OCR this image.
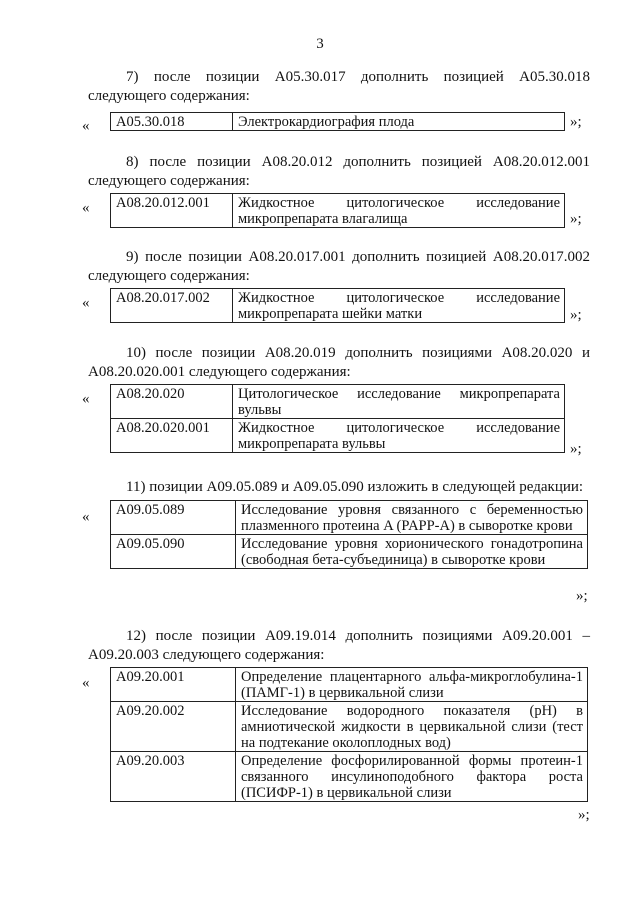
3

7) после позиции A05.30.017 дополнить позицией A05.30.018 следующего содержания:

« A05.30.018	Электрокардиография плода	»;

8) после позиции A08.20.012 дополнить позицией A08.20.012.001 следующего содержания:

« A08.20.012.001	Жидкостное цитологическое исследование микропрепарата влагалища	»;

9) после позиции A08.20.017.001 дополнить позицией A08.20.017.002 следующего содержания:

« A08.20.017.002	Жидкостное цитологическое исследование микропрепарата шейки матки	»;

10) после позиции A08.20.019 дополнить позициями A08.20.020 и A08.20.020.001 следующего содержания:

« A08.20.020	Цитологическое исследование микропрепарата вульвы
A08.20.020.001	Жидкостное цитологическое исследование микропрепарата вульвы	»;

11) позиции A09.05.089 и A09.05.090 изложить в следующей редакции:

« A09.05.089	Исследование уровня связанного с беременностью плазменного протеина A (PAPP-A) в сыворотке крови
A09.05.090	Исследование уровня хорионического гонадотропина (свободная бета-субъединица) в сыворотке крови
»;

12) после позиции A09.19.014 дополнить позициями A09.20.001 – A09.20.003 следующего содержания:

« A09.20.001	Определение плацентарного альфа-микроглобулина-1 (ПАМГ-1) в цервикальной слизи
A09.20.002	Исследование водородного показателя (pH) в амниотической жидкости в цервикальной слизи (тест на подтекание околоплодных вод)
A09.20.003	Определение фосфорилированной формы протеин-1 связанного инсулиноподобного фактора роста (ПСИФР-1) в цервикальной слизи
»;
